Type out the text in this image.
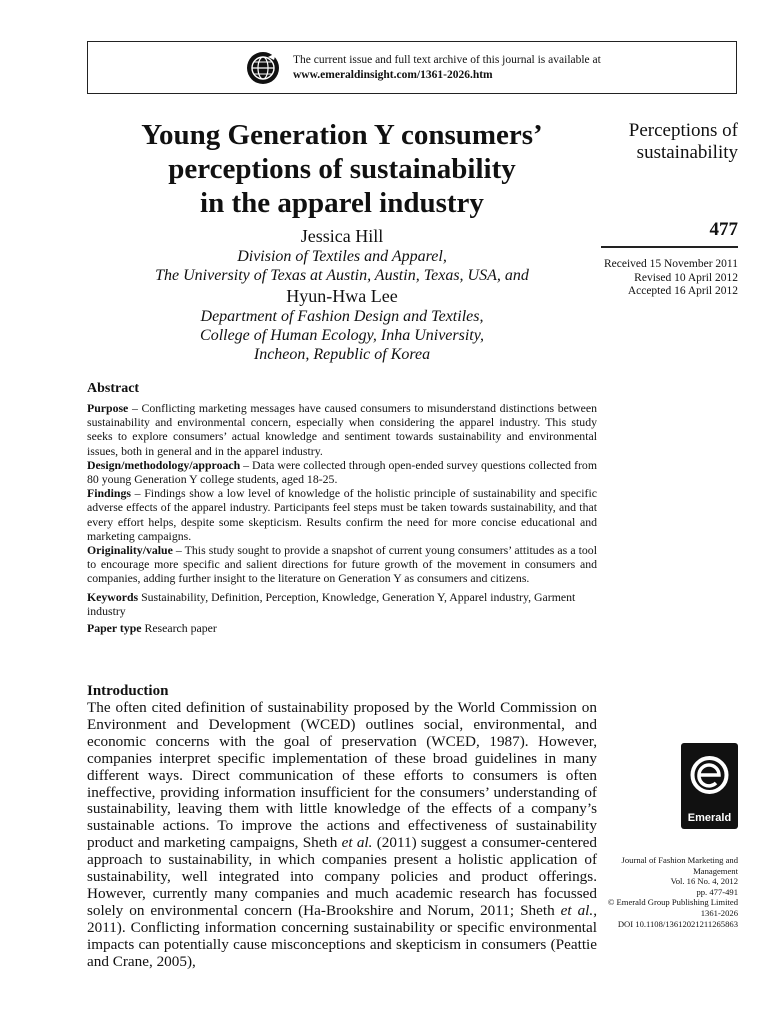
The current issue and full text archive of this journal is available at
www.emeraldinsight.com/1361-2026.htm
Young Generation Y consumers’
perceptions of sustainability
in the apparel industry
Jessica Hill
Division of Textiles and Apparel,
The University of Texas at Austin, Austin, Texas, USA, and
Hyun-Hwa Lee
Department of Fashion Design and Textiles,
College of Human Ecology, Inha University,
Incheon, Republic of Korea
Perceptions of
sustainability
477
Received 15 November 2011
Revised 10 April 2012
Accepted 16 April 2012
Abstract

Purpose – Conflicting marketing messages have caused consumers to misunderstand distinctions between sustainability and environmental concern, especially when considering the apparel industry. This study seeks to explore consumers’ actual knowledge and sentiment towards sustainability and environmental issues, both in general and in the apparel industry.

Design/methodology/approach – Data were collected through open-ended survey questions collected from 80 young Generation Y college students, aged 18-25.

Findings – Findings show a low level of knowledge of the holistic principle of sustainability and specific adverse effects of the apparel industry. Participants feel steps must be taken towards sustainability, and that every effort helps, despite some skepticism. Results confirm the need for more concise educational and marketing campaigns.

Originality/value – This study sought to provide a snapshot of current young consumers’ attitudes as a tool to encourage more specific and salient directions for future growth of the movement in consumers and companies, adding further insight to the literature on Generation Y as consumers and citizens.

Keywords Sustainability, Definition, Perception, Knowledge, Generation Y, Apparel industry, Garment industry

Paper type Research paper

Introduction

The often cited definition of sustainability proposed by the World Commission on Environment and Development (WCED) outlines social, environmental, and economic concerns with the goal of preservation (WCED, 1987). However, companies interpret specific implementation of these broad guidelines in many different ways. Direct communication of these efforts to consumers is often ineffective, providing information insufficient for the consumers’ understanding of sustainability, leaving them with little knowledge of the effects of a company’s sustainable actions. To improve the actions and effectiveness of sustainability product and marketing campaigns, Sheth et al. (2011) suggest a consumer-centered approach to sustainability, in which companies present a holistic application of sustainability, well integrated into company policies and product offerings. However, currently many companies and much academic research has focussed solely on environmental concern (Ha-Brookshire and Norum, 2011; Sheth et al., 2011). Conflicting information concerning sustainability or specific environmental impacts can potentially cause misconceptions and skepticism in consumers (Peattie and Crane, 2005),

Emerald
Journal of Fashion Marketing and
Management
Vol. 16 No. 4, 2012
pp. 477-491
© Emerald Group Publishing Limited
1361-2026
DOI 10.1108/13612021211265863
